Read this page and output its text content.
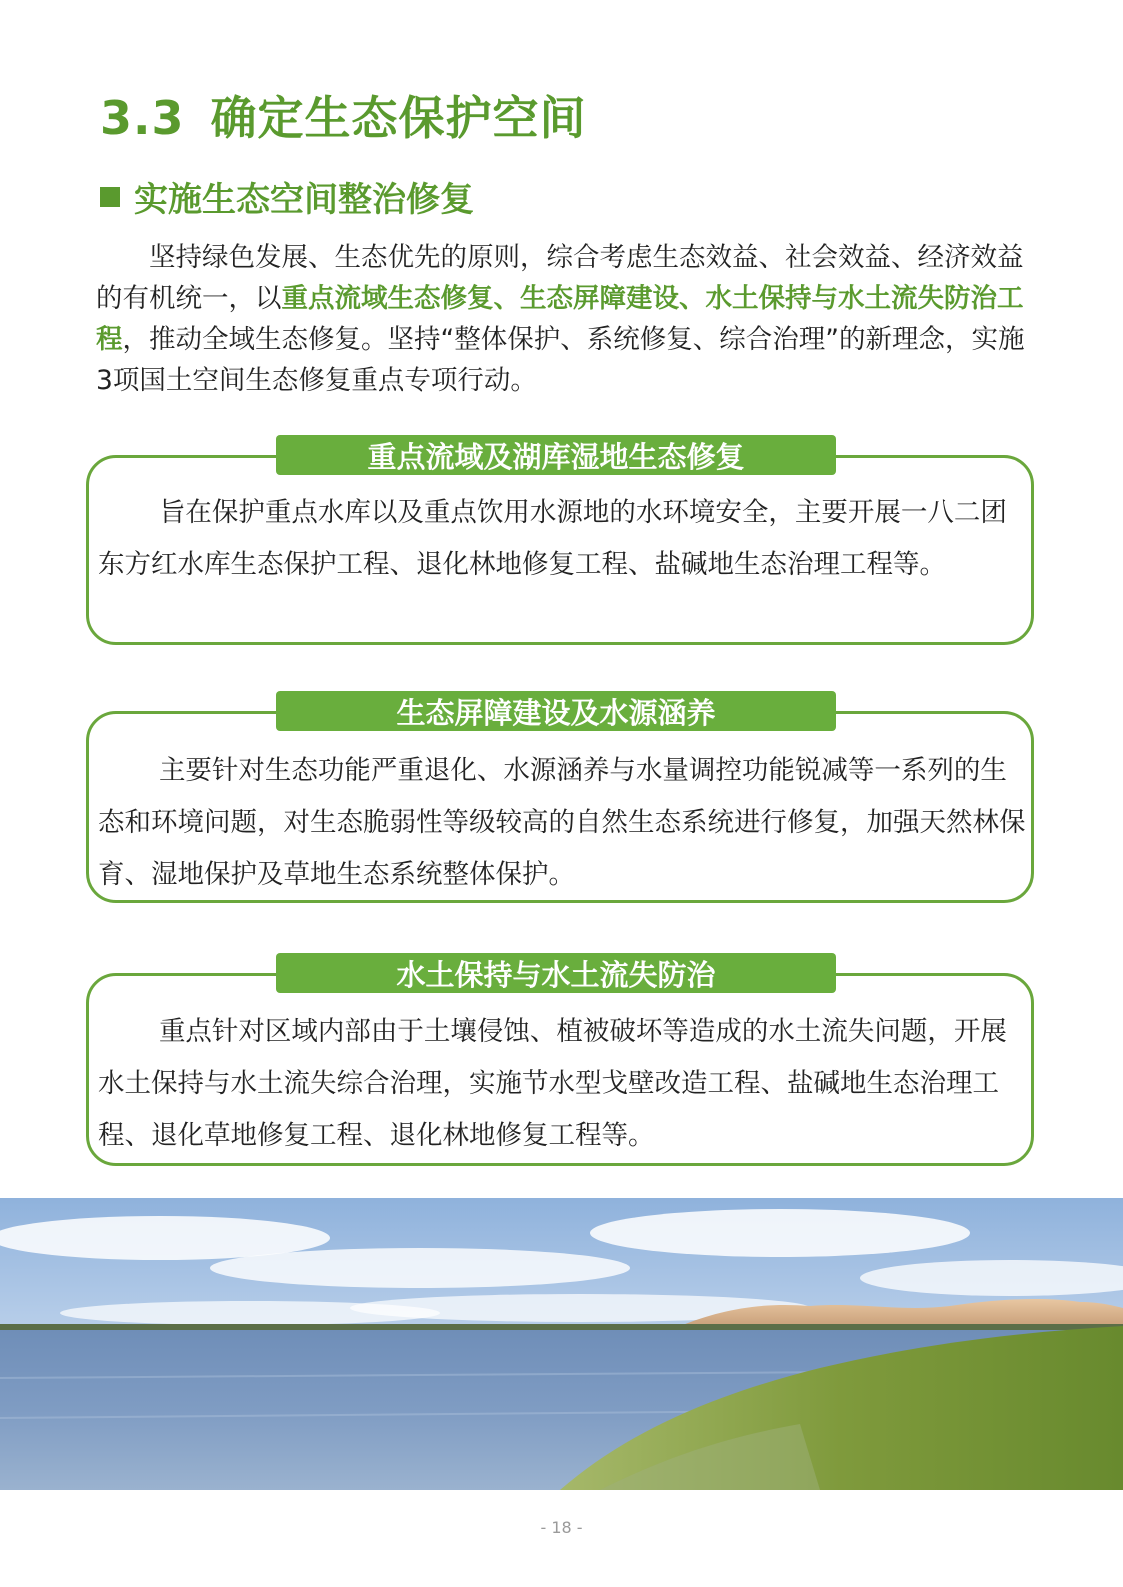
3.3 确定生态保护空间
实施生态空间整治修复

坚持绿色发展、生态优先的原则，综合考虑生态效益、社会效益、经济效益的有机统一，以重点流域生态修复、生态屏障建设、水土保持与水土流失防治工程，推动全域生态修复。坚持“整体保护、系统修复、综合治理”的新理念，实施3项国土空间生态修复重点专项行动。

重点流域及湖库湿地生态修复

旨在保护重点水库以及重点饮用水源地的水环境安全，主要开展一八二团东方红水库生态保护工程、退化林地修复工程、盐碱地生态治理工程等。

生态屏障建设及水源涵养

主要针对生态功能严重退化、水源涵养与水量调控功能锐减等一系列的生态和环境问题，对生态脆弱性等级较高的自然生态系统进行修复，加强天然林保育、湿地保护及草地生态系统整体保护。

水土保持与水土流失防治

重点针对区域内部由于土壤侵蚀、植被破坏等造成的水土流失问题，开展水土保持与水土流失综合治理，实施节水型戈壁改造工程、盐碱地生态治理工程、退化草地修复工程、退化林地修复工程等。

- 18 -
